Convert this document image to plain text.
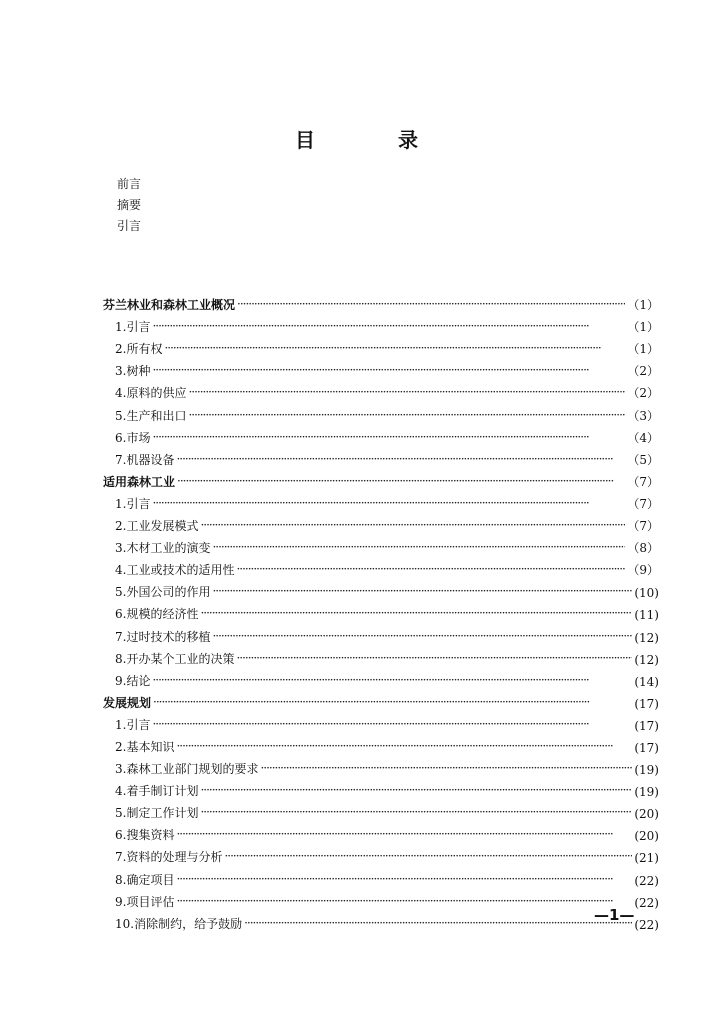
目 录
前言
摘要
引言
芬兰林业和森林工业概况 ·····	（1）
1.引言 ·····	（1）
2.所有权 ·····	（1）
3.树种 ·····	（2）
4.原料的供应 ·····	（2）
5.生产和出口 ·····	（3）
6.市场 ·····	（4）
7.机器设备 ·····	（5）
适用森林工业 ·····	（7）
1.引言 ·····	（7）
2.工业发展模式 ·····	（7）
3.木材工业的演变 ·····	（8）
4.工业或技术的适用性 ·····	（9）
5.外国公司的作用 ·····	(10)
6.规模的经济性 ·····	(11)
7.过时技术的移植 ·····	(12)
8.开办某个工业的决策 ·····	(12)
9.结论 ·····	(14)
发展规划 ·····	(17)
1.引言 ·····	(17)
2.基本知识 ·····	(17)
3.森林工业部门规划的要求 ·····	(19)
4.着手制订计划 ·····	(19)
5.制定工作计划 ·····	(20)
6.搜集资料 ·····	(20)
7.资料的处理与分析 ·····	(21)
8.确定项目 ·····	(22)
9.项目评估 ·····	(22)
10.消除制约，给予鼓励 ·····	(22)
—1—
